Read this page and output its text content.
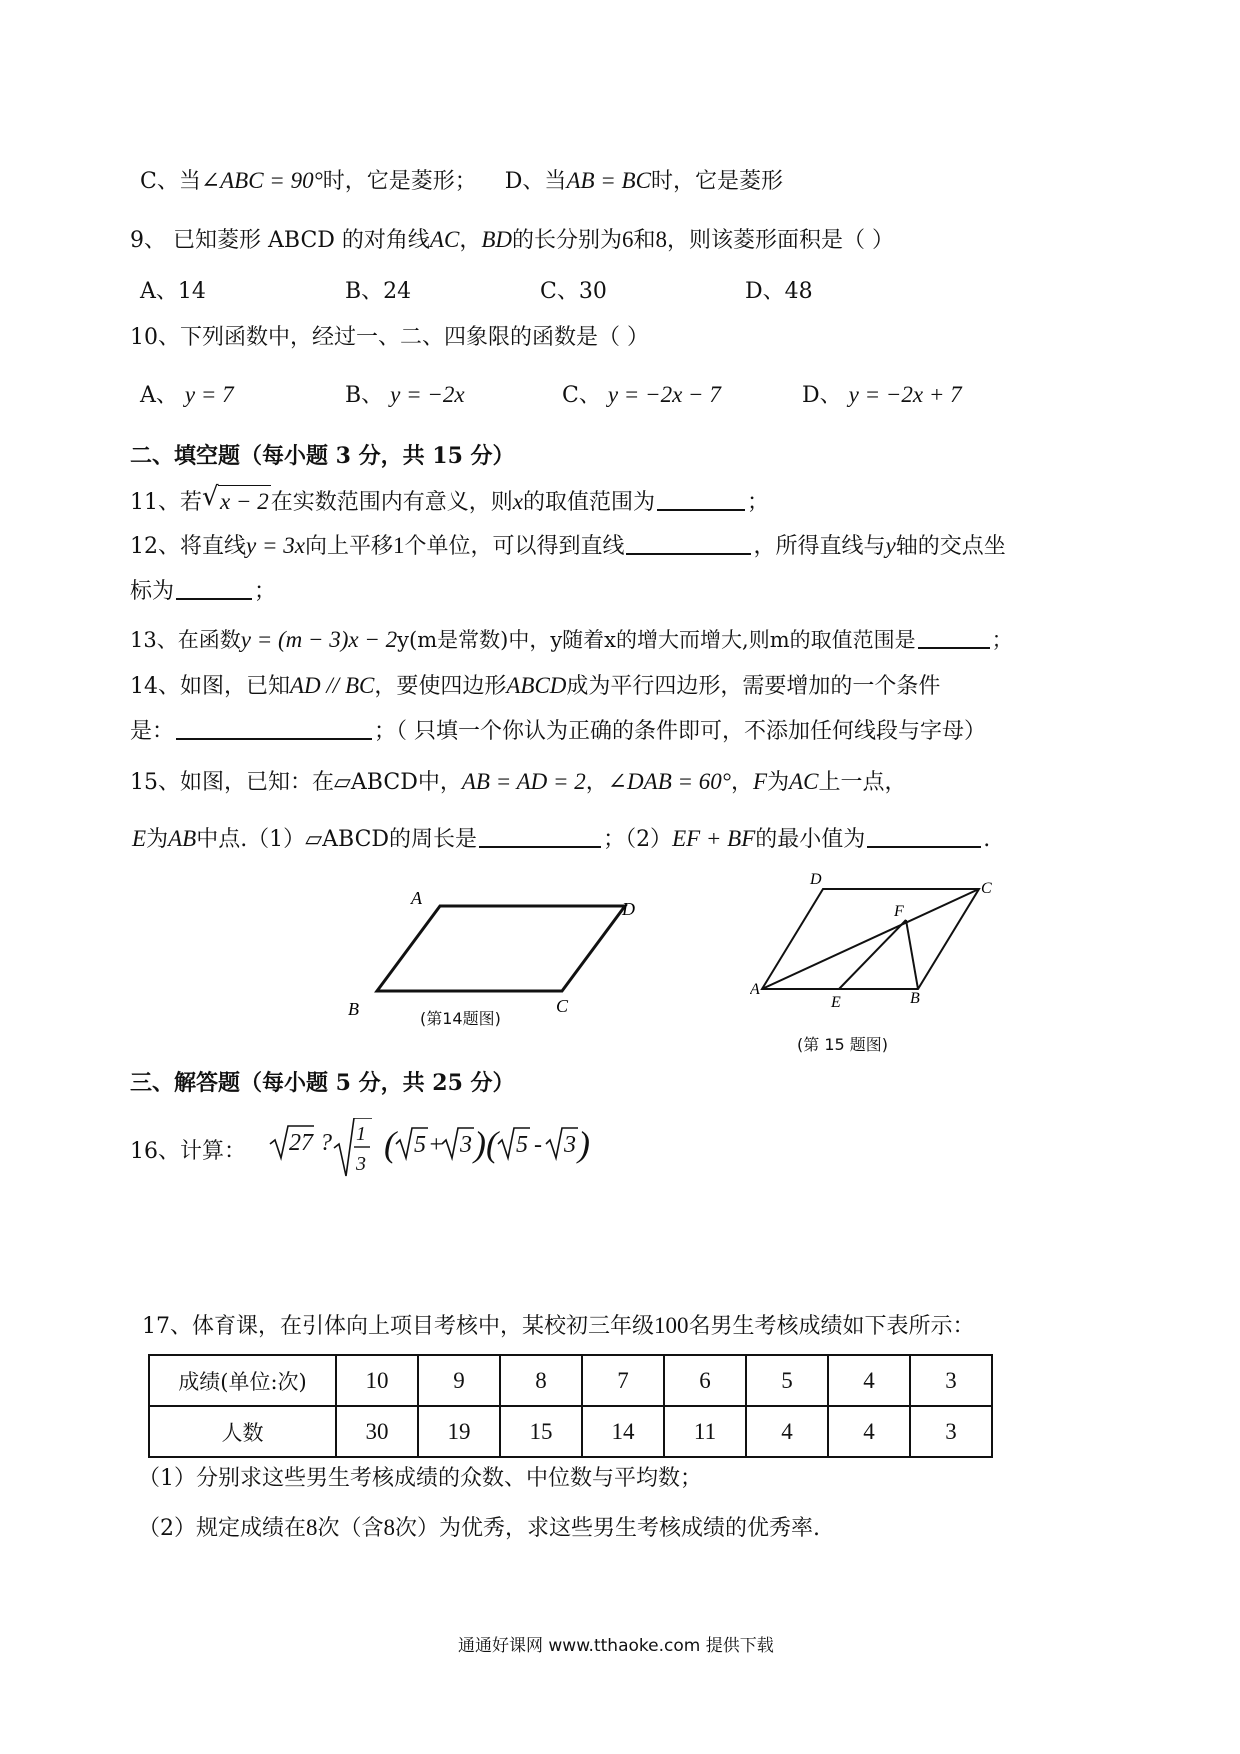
C、当∠ABC = 90°时，它是菱形； D、当AB = BC时，它是菱形
9、 已知菱形 ABCD 的对角线AC，BD的长分别为6和8，则该菱形面积是（ ）
A、14	B、24	C、30	D、48
10、下列函数中，经过一、二、四象限的函数是（ ）
A、 y = 7	B、 y = −2x	C、 y = −2x − 7	D、 y = −2x + 7
二、填空题（每小题 3 分，共 15 分）
11、若 √ x − 2在实数范围内有意义，则x的取值范围为	；
12、将直线y = 3x向上平移1个单位，可以得到直线	，所得直线与y轴的交点坐
标为	；
13、在函数y = (m − 3)x − 2y(m是常数)中，y随着x的增大而增大,则m的取值范围是	；
14、如图，已知AD // BC，要使四边形ABCD成为平行四边形，需要增加的一个条件
是：	；（ 只填一个你认为正确的条件即可，不添加任何线段与字母）
15、如图，已知：在▱ABCD中，AB = AD = 2，∠DAB = 60°，F为AC上一点，
E为AB中点.（1）▱ABCD的周长是	；（2）EF + BF的最小值为	.
A
D
B	C
(第14题图)
D
C
F
A
E	B
(第 15 题图)
三、解答题（每小题 5 分，共 25 分）
16、计算： 27 ? 1
3 ( 5 + 3 ) ( 5 - 3 )
17、体育课，在引体向上项目考核中，某校初三年级100名男生考核成绩如下表所示：
成绩(单位:次)	10	9	8	7	6	5	4	3
人数	30	19	15	14	11	4	4	3
（1）分别求这些男生考核成绩的众数、中位数与平均数；
（2）规定成绩在8次（含8次）为优秀，求这些男生考核成绩的优秀率.
通通好课网 www.tthaoke.com 提供下载
